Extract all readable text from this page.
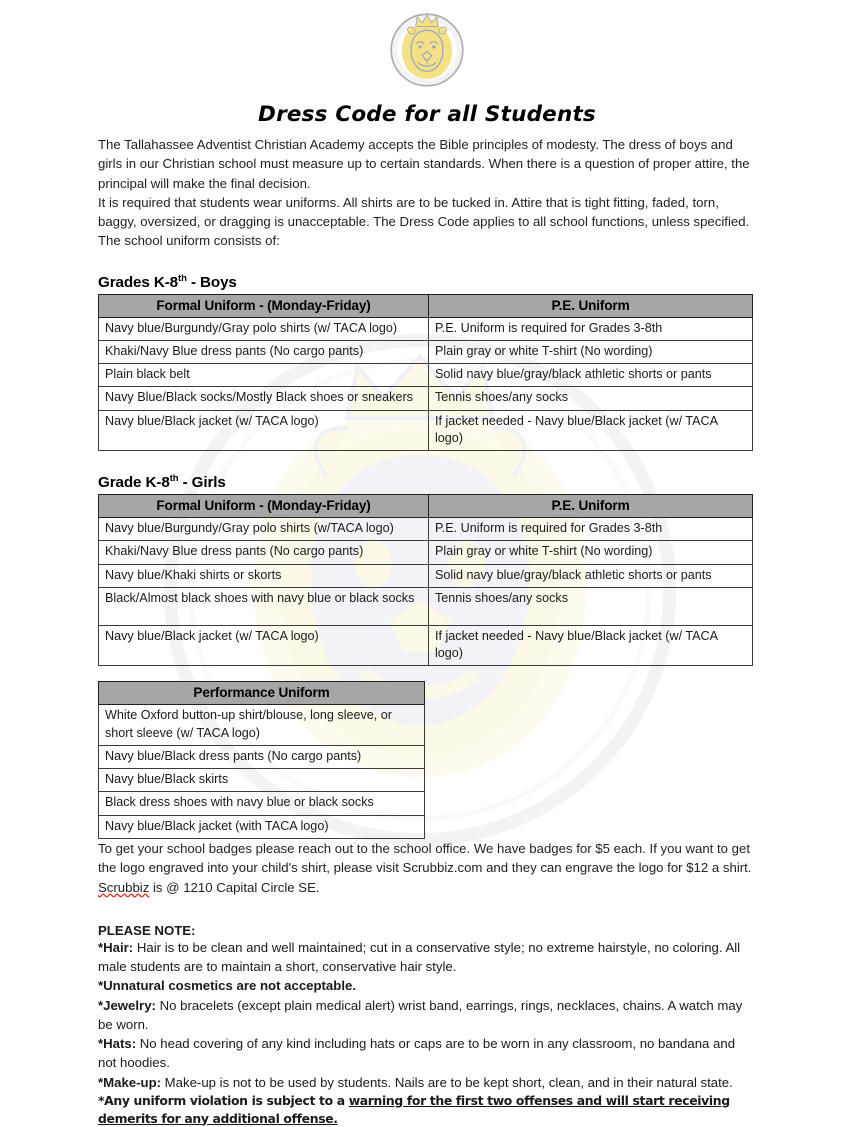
Dress Code for all Students

The Tallahassee Adventist Christian Academy accepts the Bible principles of modesty. The dress of boys and girls in our Christian school must measure up to certain standards. When there is a question of proper attire, the principal will make the final decision.

It is required that students wear uniforms. All shirts are to be tucked in. Attire that is tight fitting, faded, torn, baggy, oversized, or dragging is unacceptable. The Dress Code applies to all school functions, unless specified. The school uniform consists of:

Grades K-8th - Boys
Formal Uniform - (Monday-Friday)	P.E. Uniform
Navy blue/Burgundy/Gray polo shirts (w/ TACA logo)	P.E. Uniform is required for Grades 3-8th
Khaki/Navy Blue dress pants (No cargo pants)	Plain gray or white T-shirt (No wording)
Plain black belt	Solid navy blue/gray/black athletic shorts or pants
Navy Blue/Black socks/Mostly Black shoes or sneakers	Tennis shoes/any socks
Navy blue/Black jacket (w/ TACA logo)	If jacket needed - Navy blue/Black jacket (w/ TACA logo)
Grade K-8th - Girls
Formal Uniform - (Monday-Friday)	P.E. Uniform
Navy blue/Burgundy/Gray polo shirts (w/TACA logo)	P.E. Uniform is required for Grades 3-8th
Khaki/Navy Blue dress pants (No cargo pants)	Plain gray or white T-shirt (No wording)
Navy blue/Khaki shirts or skorts	Solid navy blue/gray/black athletic shorts or pants
Black/Almost black shoes with navy blue or black socks	Tennis shoes/any socks
Navy blue/Black jacket (w/ TACA logo)	If jacket needed - Navy blue/Black jacket (w/ TACA logo)
Performance Uniform
White Oxford button-up shirt/blouse, long sleeve, or short sleeve (w/ TACA logo)
Navy blue/Black dress pants (No cargo pants)
Navy blue/Black skirts
Black dress shoes with navy blue or black socks
Navy blue/Black jacket (with TACA logo)

To get your school badges please reach out to the school office. We have badges for $5 each. If you want to get the logo engraved into your child's shirt, please visit Scrubbiz.com and they can engrave the logo for $12 a shirt. Scrubbiz is @ 1210 Capital Circle SE.

PLEASE NOTE:

*Hair: Hair is to be clean and well maintained; cut in a conservative style; no extreme hairstyle, no coloring. All male students are to maintain a short, conservative hair style.

*Unnatural cosmetics are not acceptable.

*Jewelry: No bracelets (except plain medical alert) wrist band, earrings, rings, necklaces, chains. A watch may be worn.

*Hats: No head covering of any kind including hats or caps are to be worn in any classroom, no bandana and not hoodies.

*Make-up: Make-up is not to be used by students. Nails are to be kept short, clean, and in their natural state.

*Any uniform violation is subject to a warning for the first two offenses and will start receiving demerits for any additional offense.
